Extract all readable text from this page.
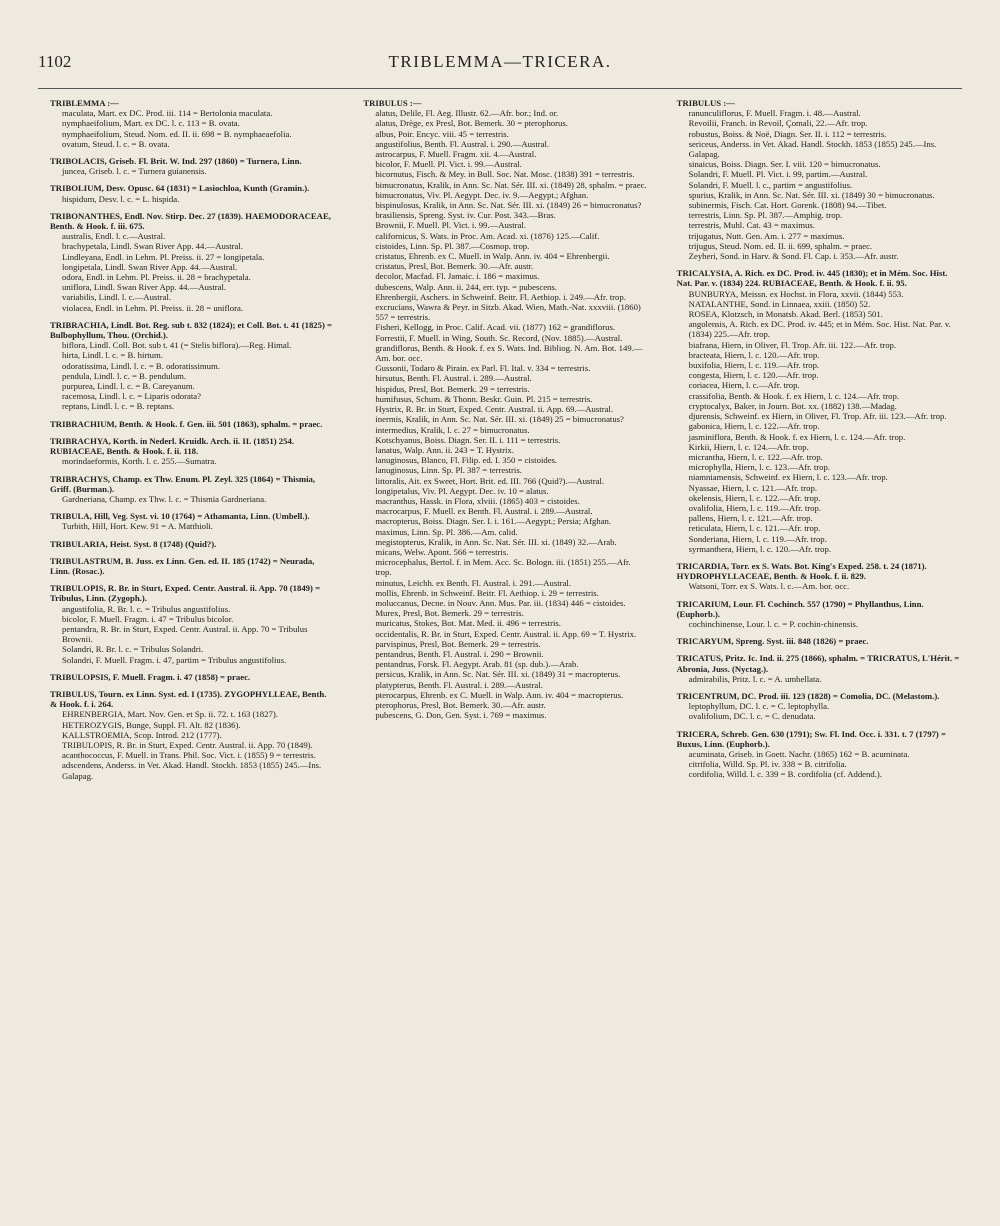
1102	TRIBLEMMA—TRICERA.
TRIBLEMMA :—
maculata, Mart. ex DC. Prod. iii. 114 = Bertolonia maculata.
nymphaeifolium, Mart. ex DC. l. c. 113 = B. ovata.
nymphaeifolium, Steud. Nom. ed. II. ii. 698 = B. nymphaeaefolia.
ovatum, Steud. l. c. = B. ovata.
TRIBOLACIS, Griseb. Fl. Brit. W. Ind. 297 (1860) = Turnera, Linn.
juncea, Griseb. l. c. = Turnera guianensis.
TRIBOLIUM, Desv. Opusc. 64 (1831) = Lasiochloa, Kunth (Gramin.).
hispidum, Desv. l. c. = L. hispida.
TRIBONANTHES, Endl. Nov. Stirp. Dec. 27 (1839). HAEMODORACEAE, Benth. & Hook. f. iii. 675.
australis, Endl. l. c.—Austral.
brachypetala, Lindl. Swan River App. 44.—Austral.
Lindleyana, Endl. in Lehm. Pl. Preiss. ii. 27 = longipetala.
longipetala, Lindl. Swan River App. 44.—Austral.
odora, Endl. in Lehm. Pl. Preiss. ii. 28 = brachypetala.
uniflora, Lindl. Swan River App. 44.—Austral.
variabilis, Lindl. l. c.—Austral.
violacea, Endl. in Lehm. Pl. Preiss. ii. 28 = uniflora.
TRIBRACHIA, Lindl. Bot. Reg. sub t. 832 (1824); et Coll. Bot. t. 41 (1825) = Bulbophyllum, Thou. (Orchid.).
biflora, Lindl. Coll. Bot. sub t. 41 (= Stelis biflora).—Reg. Himal.
hirta, Lindl. l. c. = B. hirtum.
odoratissima, Lindl. l. c. = B. odoratissimum.
pendula, Lindl. l. c. = B. pendulum.
purpurea, Lindl. l. c. = B. Careyanum.
racemosa, Lindl. l. c. = Liparis odorata?
reptans, Lindl. l. c. = B. reptans.
TRIBRACHIUM, Benth. & Hook. f. Gen. iii. 501 (1863), sphalm. = praec.
TRIBRACHYA, Korth. in Nederl. Kruidk. Arch. ii. II. (1851) 254. RUBIACEAE, Benth. & Hook. f. ii. 118.
morindaeformis, Korth. l. c. 255.—Sumatra.
TRIBRACHYS, Champ. ex Thw. Enum. Pl. Zeyl. 325 (1864) = Thismia, Griff. (Burman.).
Gardneriana, Champ. ex Thw. l. c. = Thismia Gardneriana.
TRIBULA, Hill, Veg. Syst. vi. 10 (1764) = Athamanta, Linn. (Umbell.).
Turbith, Hill, Hort. Kew. 91 = A. Matthioli.
TRIBULARIA, Heist. Syst. 8 (1748) (Quid?).
TRIBULASTRUM, B. Juss. ex Linn. Gen. ed. II. 185 (1742) = Neurada, Linn. (Rosac.).
TRIBULOPIS, R. Br. in Sturt, Exped. Centr. Austral. ii. App. 70 (1849) = Tribulus, Linn. (Zygoph.).
angustifolia, R. Br. l. c. = Tribulus angustifolius.
bicolor, F. Muell. Fragm. i. 47 = Tribulus bicolor.
pentandra, R. Br. in Sturt, Exped. Centr. Austral. ii. App. 70 = Tribulus Brownii.
Solandri, R. Br. l. c. = Tribulus Solandri.
Solandri, F. Muell. Fragm. i. 47, partim = Tribulus angustifolius.
TRIBULOPSIS, F. Muell. Fragm. i. 47 (1858) = praec.
TRIBULUS, Tourn. ex Linn. Syst. ed. I (1735). ZYGOPHYLLEAE, Benth. & Hook. f. i. 264.
EHRENBERGIA, Mart. Nov. Gen. et Sp. ii. 72. t. 163 (1827).
HETEROZYGIS, Bunge, Suppl. Fl. Alt. 82 (1836).
KALLSTROEMIA, Scop. Introd. 212 (1777).
TRIBULOPIS, R. Br. in Sturt, Exped. Centr. Austral. ii. App. 70 (1849).
acanthococcus, F. Muell. in Trans. Phil. Soc. Vict. i. (1855) 9 = terrestris.
adscendens, Anderss. in Vet. Akad. Handl. Stockh. 1853 (1855) 245.—Ins. Galapag.
TRIBULUS :—
alatus, Delile, Fl. Aeg. Illustr. 62.—Afr. bor.; Ind. or.
alatus, Drège, ex Presl, Bot. Bemerk. 30 = pterophorus.
albus, Poir. Encyc. viii. 45 = terrestris.
angustifolius, Benth. Fl. Austral. i. 290.—Austral.
astrocarpus, F. Muell. Fragm. xii. 4.—Austral.
bicolor, F. Muell. Pl. Vict. i. 99.—Austral.
bicornutus, Fisch. & Mey. in Bull. Soc. Nat. Mosc. (1838) 391 = terrestris.
bimucronatus, Kralik, in Ann. Sc. Nat. Sér. III. xi. (1849) 28, sphalm. = praec.
bimucronatus, Viv. Pl. Aegypt. Dec. iv. 9.—Aegypt.; Afghan.
bispinulosus, Kralik, in Ann. Sc. Nat. Sér. III. xi. (1849) 26 = bimucronatus?
brasiliensis, Spreng. Syst. iv. Cur. Post. 343.—Bras.
Brownii, F. Muell. Pl. Vict. i. 99.—Austral.
californicus, S. Wats. in Proc. Am. Acad. xi. (1876) 125.—Calif.
cistoides, Linn. Sp. Pl. 387.—Cosmop. trop.
cristatus, Ehrenb. ex C. Muell. in Walp. Ann. iv. 404 = Ehrenbergii.
cristatus, Presl, Bot. Bemerk. 30.—Afr. austr.
decolor, Macfad. Fl. Jamaic. i. 186 = maximus.
dubescens, Walp. Ann. ii. 244, err. typ. = pubescens.
Ehrenbergii, Aschers. in Schweinf. Beitr. Fl. Aethiop. i. 249.—Afr. trop.
excrucians, Wawra & Peyr. in Sitzb. Akad. Wien, Math.-Nat. xxxviii. (1860) 557 = terrestris.
Fisheri, Kellogg, in Proc. Calif. Acad. vii. (1877) 162 = grandiflorus.
Forrestii, F. Muell. in Wing, South. Sc. Record, (Nov. 1885).—Austral.
grandiflorus, Benth. & Hook. f. ex S. Wats. Ind. Bibliog. N. Am. Bot. 149.—Am. bor. occ.
Gussonii, Todaro & Pirain. ex Parl. Fl. Ital. v. 334 = terrestris.
hirsutus, Benth. Fl. Austral. i. 289.—Austral.
hispidus, Presl, Bot. Bemerk. 29 = terrestris.
humifusus, Schum. & Thonn. Beskr. Guin. Pl. 215 = terrestris.
Hystrix, R. Br. in Sturt, Exped. Centr. Austral. ii. App. 69.—Austral.
inermis, Kralik, in Ann. Sc. Nat. Sér. III. xi. (1849) 25 = bimucronatus?
intermedius, Kralik, l. c. 27 = bimucronatus.
Kotschyanus, Boiss. Diagn. Ser. II. i. 111 = terrestris.
lanatus, Walp. Ann. ii. 243 = T. Hystrix.
lanuginosus, Blanco, Fl. Filip. ed. I. 350 = cistoides.
lanuginosus, Linn. Sp. Pl. 387 = terrestris.
littoralis, Ait. ex Sweet, Hort. Brit. ed. III. 766 (Quid?).—Austral.
longipetalus, Viv. Pl. Aegypt. Dec. iv. 10 = alatus.
macranthus, Hassk. in Flora, xlviii. (1865) 403 = cistoides.
macrocarpus, F. Muell. ex Benth. Fl. Austral. i. 289.—Austral.
macropterus, Boiss. Diagn. Ser. I. i. 161.—Aegypt.; Persia; Afghan.
maximus, Linn. Sp. Pl. 386.—Am. calid.
megistopterus, Kralik, in Ann. Sc. Nat. Sér. III. xi. (1849) 32.—Arab.
micans, Welw. Apont. 566 = terrestris.
microcephalus, Bertol. f. in Mem. Acc. Sc. Bologn. iii. (1851) 255.—Afr. trop.
minutus, Leichh. ex Benth. Fl. Austral. i. 291.—Austral.
mollis, Ehrenb. in Schweinf. Beitr. Fl. Aethiop. i. 29 = terrestris.
moluccanus, Decne. in Nouv. Ann. Mus. Par. iii. (1834) 446 = cistoides.
Murex, Presl, Bot. Bemerk. 29 = terrestris.
muricatus, Stokes, Bot. Mat. Med. ii. 496 = terrestris.
occidentalis, R. Br. in Sturt, Exped. Centr. Austral. ii. App. 69 = T. Hystrix.
parvispinus, Presl, Bot. Bemerk. 29 = terrestris.
pentandrus, Benth. Fl. Austral. i. 290 = Brownii.
pentandrus, Forsk. Fl. Aegypt. Arab. 81 (sp. dub.).—Arab.
persicus, Kralik, in Ann. Sc. Nat. Sér. III. xi. (1849) 31 = macropterus.
platypterus, Benth. Fl. Austral. i. 289.—Austral.
pterocarpus, Ehrenb. ex C. Muell. in Walp. Ann. iv. 404 = macropterus.
pterophorus, Presl, Bot. Bemerk. 30.—Afr. austr.
pubescens, G. Don, Gen. Syst. i. 769 = maximus.
TRIBULUS :—
ranunculiflorus, F. Muell. Fragm. i. 48.—Austral.
Revoilii, Franch. in Revoil, Çomali, 22.—Afr. trop.
robustus, Boiss. & Noë, Diagn. Ser. II. i. 112 = terrestris.
sericeus, Anderss. in Vet. Akad. Handl. Stockh. 1853 (1855) 245.—Ins. Galapag.
sinaicus, Boiss. Diagn. Ser. I. viii. 120 = bimucronatus.
Solandri, F. Muell. Pl. Vict. i. 99, partim.—Austral.
Solandri, F. Muell. l. c., partim = angustifolius.
spurius, Kralik, in Ann. Sc. Nat. Sér. III. xi. (1849) 30 = bimucronatus.
subinermis, Fisch. Cat. Hort. Gorenk. (1808) 94.—Tibet.
terrestris, Linn. Sp. Pl. 387.—Amphig. trop.
terrestris, Muhl. Cat. 43 = maximus.
trijugatus, Nutt. Gen. Am. i. 277 = maximus.
trijugus, Steud. Nom. ed. II. ii. 699, sphalm. = praec.
Zeyheri, Sond. in Harv. & Sond. Fl. Cap. i. 353.—Afr. austr.
TRICALYSIA, A. Rich. ex DC. Prod. iv. 445 (1830); et in Mém. Soc. Hist. Nat. Par. v. (1834) 224. RUBIACEAE, Benth. & Hook. f. ii. 95.
BUNBURYA, Meissn. ex Hochst. in Flora, xxvii. (1844) 553.
NATALANTHE, Sond. in Linnaea, xxiii. (1850) 52.
ROSEA, Klotzsch, in Monatsb. Akad. Berl. (1853) 501.
angolensis, A. Rich. ex DC. Prod. iv. 445; et in Mém. Soc. Hist. Nat. Par. v. (1834) 225.—Afr. trop.
biafrana, Hiern, in Oliver, Fl. Trop. Afr. iii. 122.—Afr. trop.
bracteata, Hiern, l. c. 120.—Afr. trop.
buxifolia, Hiern, l. c. 119.—Afr. trop.
congesta, Hiern, l. c. 120.—Afr. trop.
coriacea, Hiern, l. c.—Afr. trop.
crassifolia, Benth. & Hook. f. ex Hiern, l. c. 124.—Afr. trop.
cryptocalyx, Baker, in Journ. Bot. xx. (1882) 138.—Madag.
djurensis, Schweinf. ex Hiern, in Oliver, Fl. Trop. Afr. iii. 123.—Afr. trop.
gabonica, Hiern, l. c. 122.—Afr. trop.
jasminiflora, Benth. & Hook. f. ex Hiern, l. c. 124.—Afr. trop.
Kirkii, Hiern, l. c. 124.—Afr. trop.
micrantha, Hiern, l. c. 122.—Afr. trop.
microphylla, Hiern, l. c. 123.—Afr. trop.
niamniamensis, Schweinf. ex Hiern, l. c. 123.—Afr. trop.
Nyassae, Hiern, l. c. 121.—Afr. trop.
okelensis, Hiern, l. c. 122.—Afr. trop.
ovalifolia, Hiern, l. c. 119.—Afr. trop.
pallens, Hiern, l. c. 121.—Afr. trop.
reticulata, Hiern, l. c. 121.—Afr. trop.
Sonderiana, Hiern, l. c. 119.—Afr. trop.
syrmanthera, Hiern, l. c. 120.—Afr. trop.
TRICARDIA, Torr. ex S. Wats. Bot. King's Exped. 258. t. 24 (1871). HYDROPHYLLACEAE, Benth. & Hook. f. ii. 829.
Watsoni, Torr. ex S. Wats. l. c.—Am. bor. occ.
TRICARIUM, Lour. Fl. Cochinch. 557 (1790) = Phyllanthus, Linn. (Euphorb.).
cochinchinense, Lour. l. c. = P. cochin-chinensis.
TRICARYUM, Spreng. Syst. iii. 848 (1826) = praec.
TRICATUS, Pritz. Ic. Ind. ii. 275 (1866), sphalm. = TRICRATUS, L'Hérit. = Abronia, Juss. (Nyctag.).
admirabilis, Pritz. l. c. = A. umbellata.
TRICENTRUM, DC. Prod. iii. 123 (1828) = Comolia, DC. (Melastom.).
leptophyllum, DC. l. c. = C. leptophylla.
ovalifolium, DC. l. c. = C. denudata.
TRICERA, Schreb. Gen. 630 (1791); Sw. Fl. Ind. Occ. i. 331. t. 7 (1797) = Buxus, Linn. (Euphorb.).
acuminata, Griseb. in Goett. Nachr. (1865) 162 = B. acuminata.
citrifolia, Willd. Sp. Pl. iv. 338 = B. citrifolia.
cordifolia, Willd. l. c. 339 = B. cordifolia (cf. Addend.).
